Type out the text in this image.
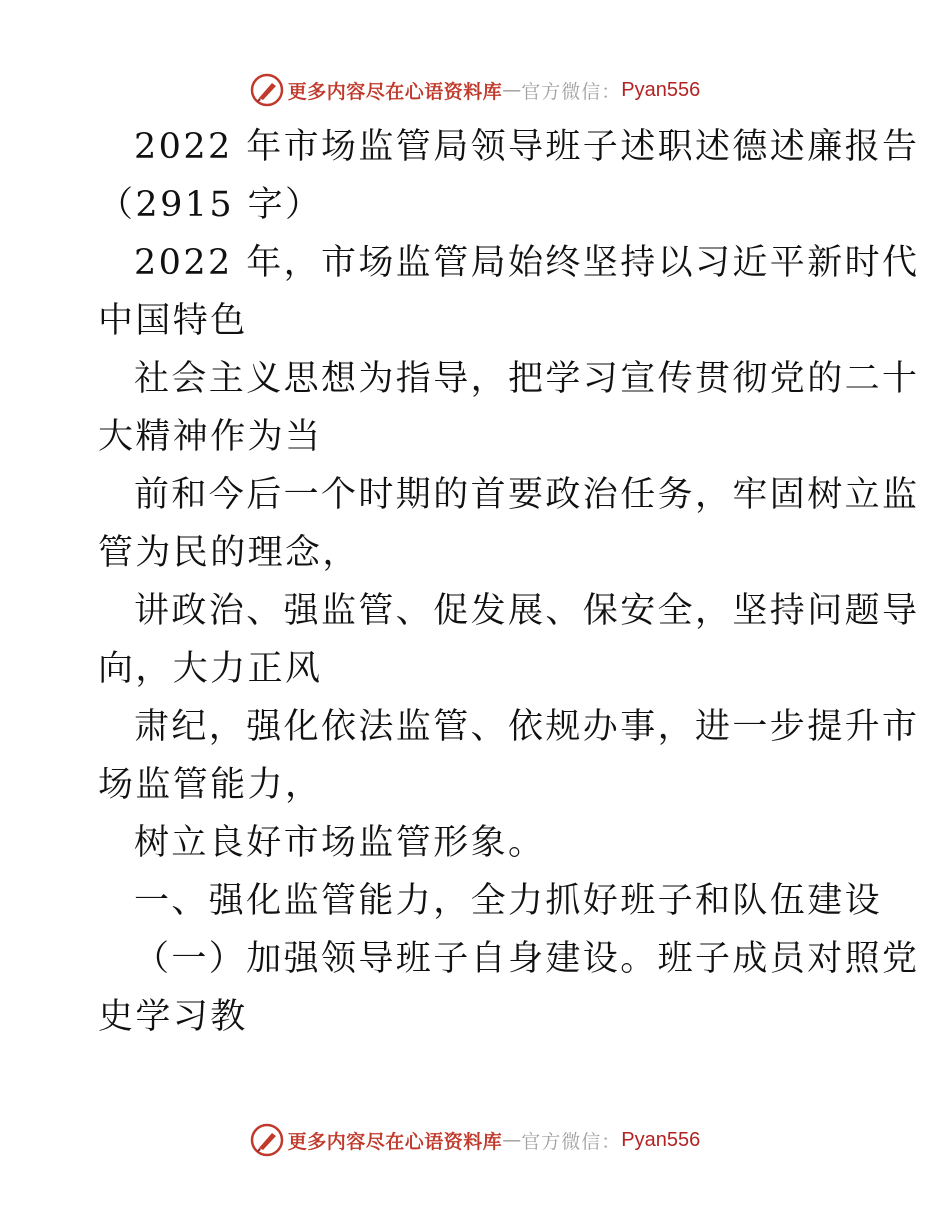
更多内容尽在心语资料库 — 官方微信： Pyan556
2022 年市场监管局领导班子述职述德述廉报告
（2915 字）
2022 年，市场监管局始终坚持以习近平新时代
中国特色
社会主义思想为指导，把学习宣传贯彻党的二十
大精神作为当
前和今后一个时期的首要政治任务，牢固树立监
管为民的理念，
讲政治、强监管、促发展、保安全，坚持问题导
向，大力正风
肃纪，强化依法监管、依规办事，进一步提升市
场监管能力，
树立良好市场监管形象。
一、强化监管能力，全力抓好班子和队伍建设
（一）加强领导班子自身建设。班子成员对照党
史学习教
更多内容尽在心语资料库 — 官方微信： Pyan556
